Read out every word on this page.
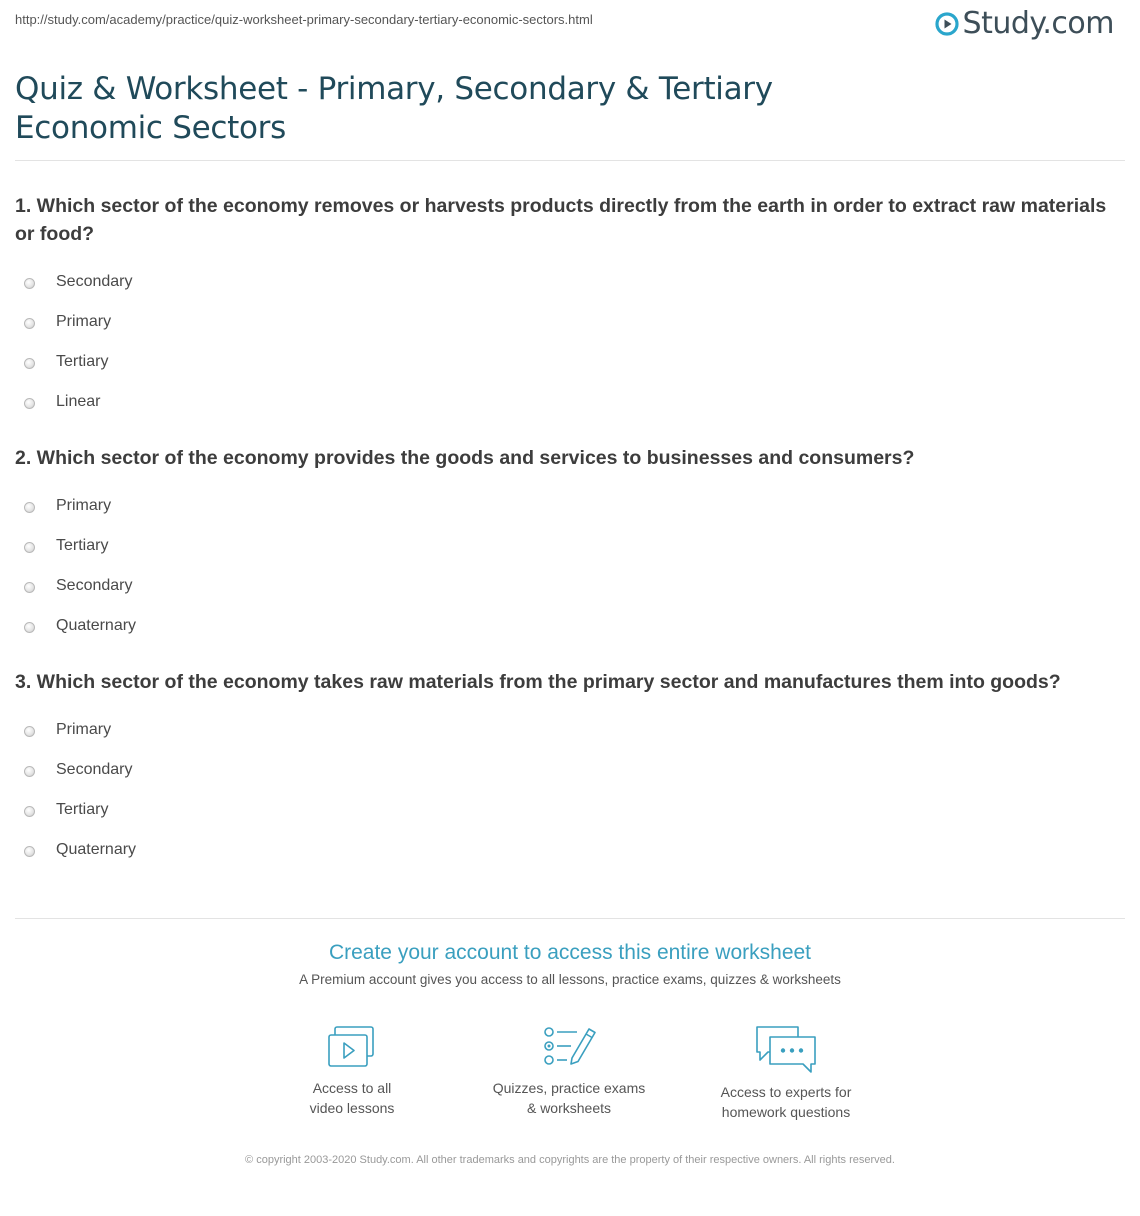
http://study.com/academy/practice/quiz-worksheet-primary-secondary-tertiary-economic-sectors.html	Study.com
Quiz & Worksheet - Primary, Secondary & Tertiary Economic Sectors
1. Which sector of the economy removes or harvests products directly from the earth in order to extract raw materials or food?
Secondary
Primary
Tertiary
Linear
2. Which sector of the economy provides the goods and services to businesses and consumers?
Primary
Tertiary
Secondary
Quaternary
3. Which sector of the economy takes raw materials from the primary sector and manufactures them into goods?
Primary
Secondary
Tertiary
Quaternary
Create your account to access this entire worksheet
A Premium account gives you access to all lessons, practice exams, quizzes & worksheets
Access to all
video lessons
Quizzes, practice exams
& worksheets
Access to experts for
homework questions
© copyright 2003-2020 Study.com. All other trademarks and copyrights are the property of their respective owners. All rights reserved.
